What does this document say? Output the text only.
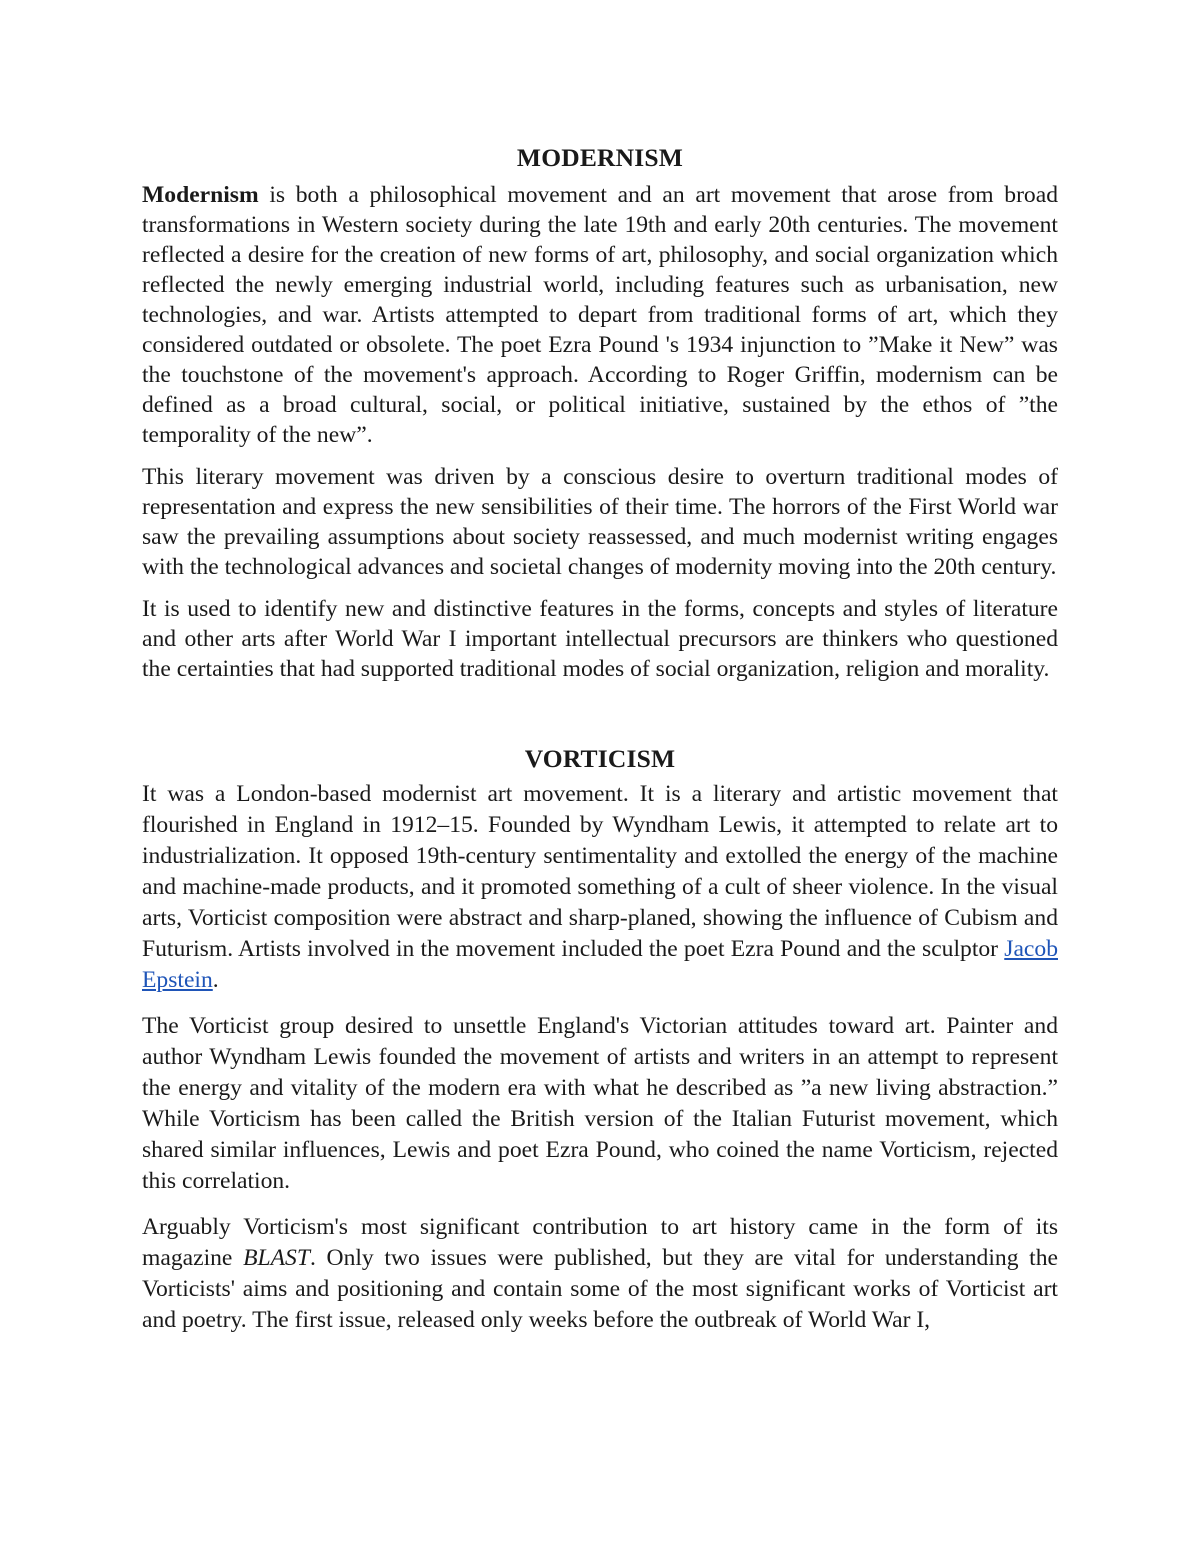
MODERNISM

Modernism is both a philosophical movement and an art movement that arose from broad transformations in Western society during the late 19th and early 20th centuries. The movement reflected a desire for the creation of new forms of art, philosophy, and social organization which reflected the newly emerging industrial world, including features such as urbanisation, new technologies, and war. Artists attempted to depart from traditional forms of art, which they considered outdated or obsolete. The poet Ezra Pound 's 1934 injunction to ”Make it New” was the touchstone of the movement's approach. According to Roger Griffin, modernism can be defined as a broad cultural, social, or political initiative, sustained by the ethos of ”the temporality of the new”.

This literary movement was driven by a conscious desire to overturn traditional modes of representation and express the new sensibilities of their time. The horrors of the First World war saw the prevailing assumptions about society reassessed, and much modernist writing engages with the technological advances and societal changes of modernity moving into the 20th century.

It is used to identify new and distinctive features in the forms, concepts and styles of literature and other arts after World War I important intellectual precursors are thinkers who questioned the certainties that had supported traditional modes of social organization, religion and morality.

VORTICISM

It was a London-based modernist art movement. It is a literary and artistic movement that flourished in England in 1912–15. Founded by Wyndham Lewis, it attempted to relate art to industrialization. It opposed 19th-century sentimentality and extolled the energy of the machine and machine-made products, and it promoted something of a cult of sheer violence. In the visual arts, Vorticist composition were abstract and sharp-planed, showing the influence of Cubism and Futurism. Artists involved in the movement included the poet Ezra Pound and the sculptor Jacob Epstein.

The Vorticist group desired to unsettle England's Victorian attitudes toward art. Painter and author Wyndham Lewis founded the movement of artists and writers in an attempt to represent the energy and vitality of the modern era with what he described as ”a new living abstraction.” While Vorticism has been called the British version of the Italian Futurist movement, which shared similar influences, Lewis and poet Ezra Pound, who coined the name Vorticism, rejected this correlation.

Arguably Vorticism's most significant contribution to art history came in the form of its magazine BLAST. Only two issues were published, but they are vital for understanding the Vorticists' aims and positioning and contain some of the most significant works of Vorticist art and poetry. The first issue, released only weeks before the outbreak of World War I,
